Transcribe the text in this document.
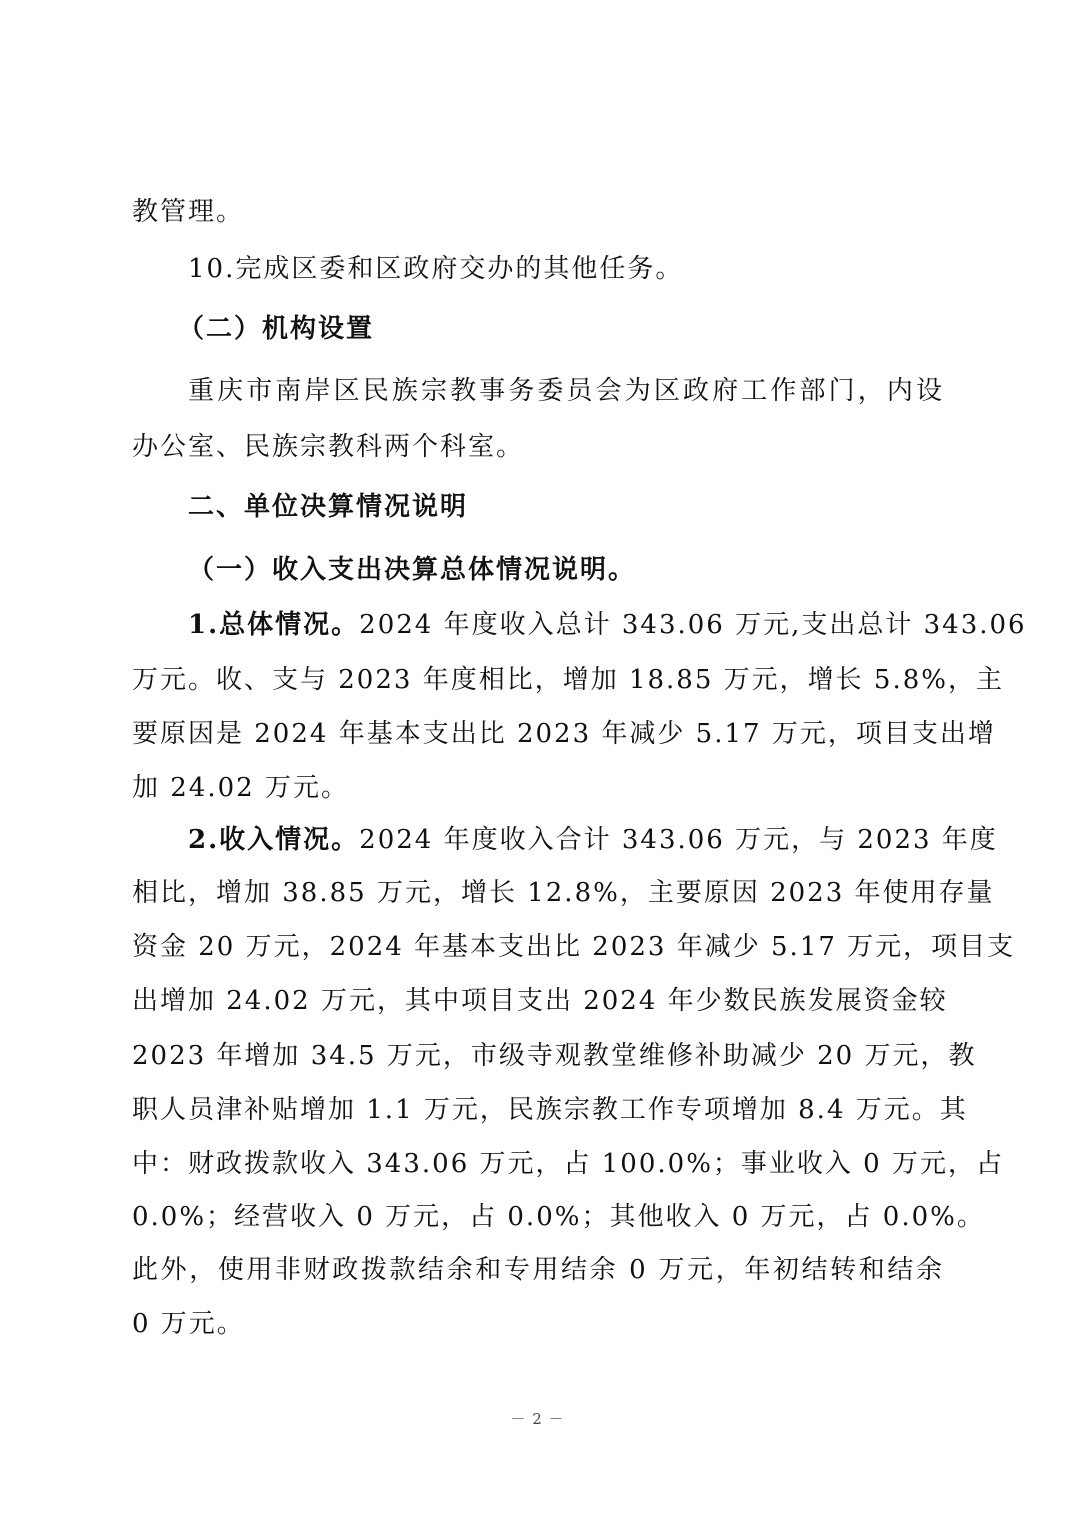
教管理。
10.完成区委和区政府交办的其他任务。
（二）机构设置
重庆市南岸区民族宗教事务委员会为区政府工作部门，内设
办公室、民族宗教科两个科室。
二、单位决算情况说明
（一）收入支出决算总体情况说明。
1.总体情况。2024 年度收入总计 343.06 万元,支出总计 343.06
万元。收、支与 2023 年度相比，增加 18.85 万元，增长 5.8%，主
要原因是 2024 年基本支出比 2023 年减少 5.17 万元，项目支出增
加 24.02 万元。
2.收入情况。2024 年度收入合计 343.06 万元，与 2023 年度
相比，增加 38.85 万元，增长 12.8%，主要原因 2023 年使用存量
资金 20 万元，2024 年基本支出比 2023 年减少 5.17 万元，项目支
出增加 24.02 万元，其中项目支出 2024 年少数民族发展资金较
2023 年增加 34.5 万元，市级寺观教堂维修补助减少 20 万元，教
职人员津补贴增加 1.1 万元，民族宗教工作专项增加 8.4 万元。其
中：财政拨款收入 343.06 万元，占 100.0%；事业收入 0 万元，占
0.0%；经营收入 0 万元，占 0.0%；其他收入 0 万元，占 0.0%。
此外，使用非财政拨款结余和专用结余 0 万元，年初结转和结余
0 万元。
－ 2 －
